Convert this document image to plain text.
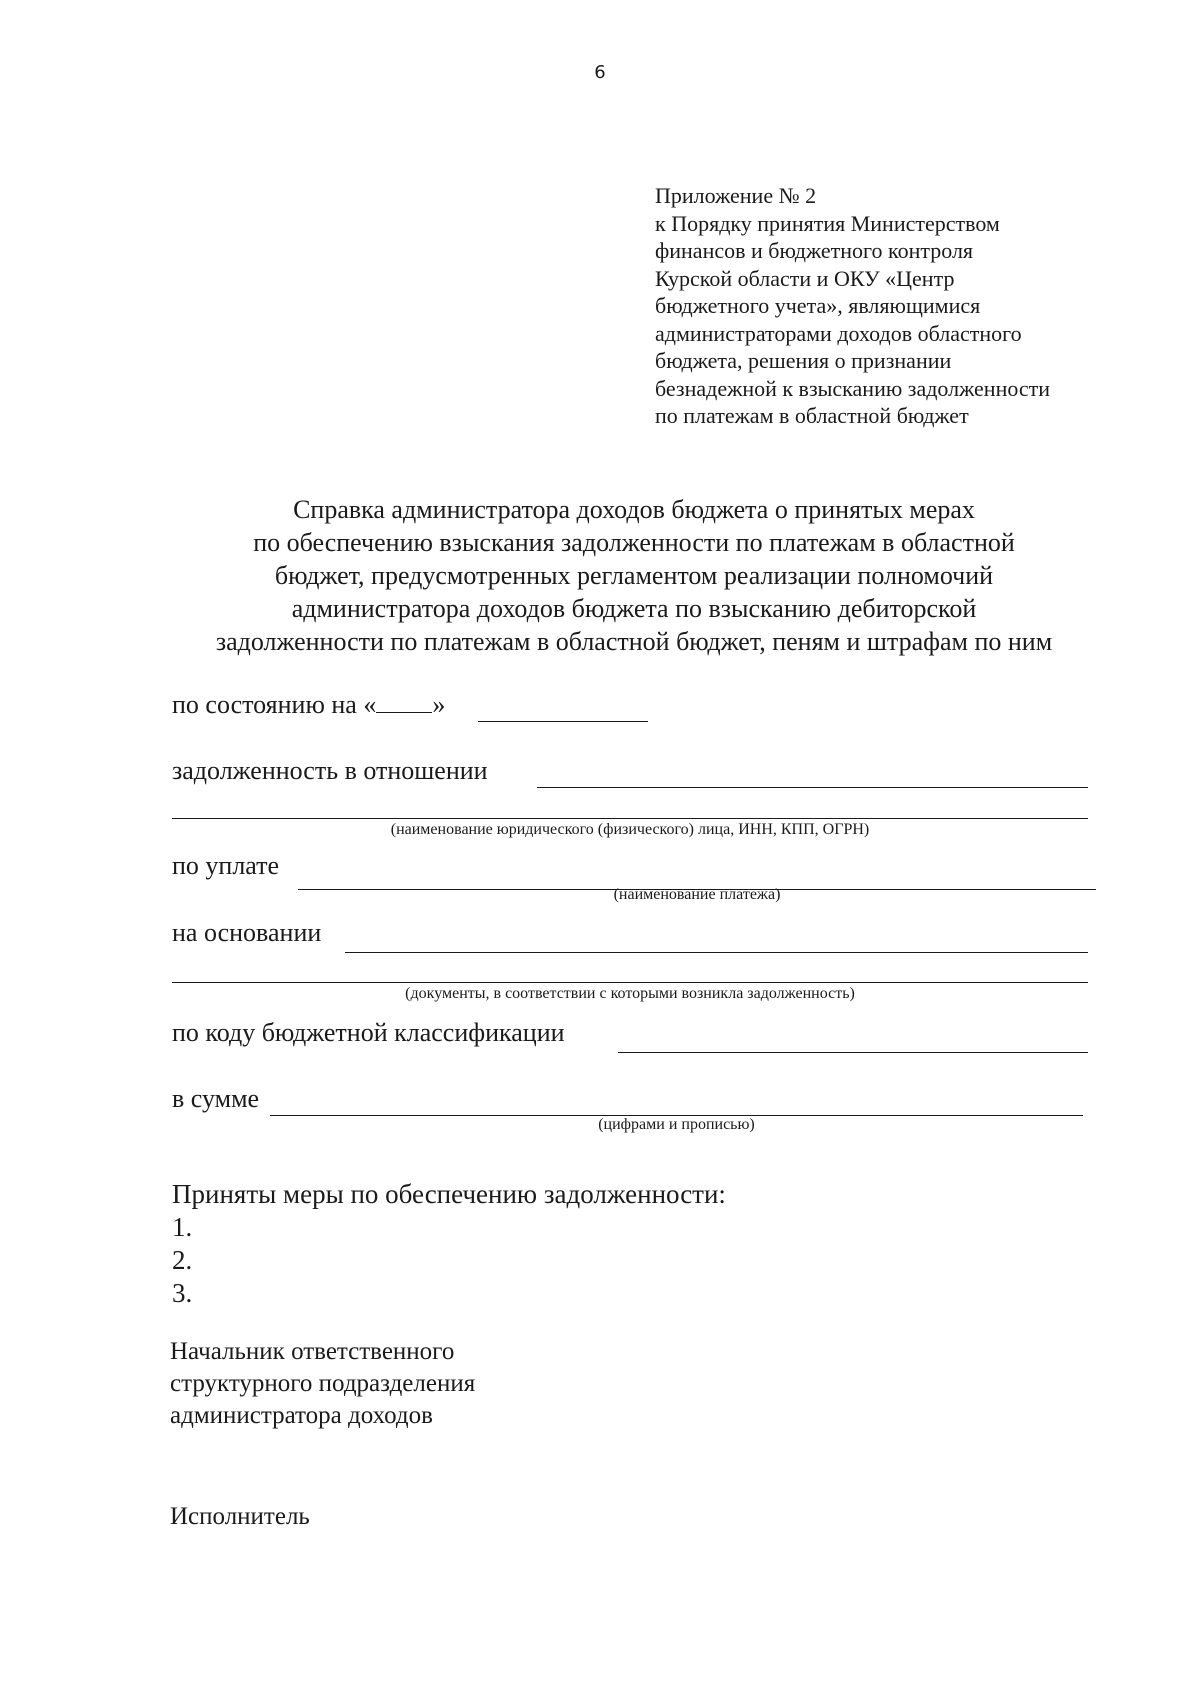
6
Приложение № 2
к Порядку принятия Министерством
финансов и бюджетного контроля
Курской области и ОКУ «Центр
бюджетного учета», являющимися
администраторами доходов областного
бюджета, решения о признании
безнадежной к взысканию задолженности
по платежам в областной бюджет
Справка администратора доходов бюджета о принятых мерах
по обеспечению взыскания задолженности по платежам в областной
бюджет, предусмотренных регламентом реализации полномочий
администратора доходов бюджета по взысканию дебиторской
задолженности по платежам в областной бюджет, пеням и штрафам по ним
по состоянию на « »
задолженность в отношении
(наименование юридического (физического) лица, ИНН, КПП, ОГРН)
по уплате
(наименование платежа)
на основании
(документы, в соответствии с которыми возникла задолженность)
по коду бюджетной классификации
в сумме
(цифрами и прописью)
Приняты меры по обеспечению задолженности:
1.
2.
3.
Начальник ответственного
структурного подразделения
администратора доходов
Исполнитель
